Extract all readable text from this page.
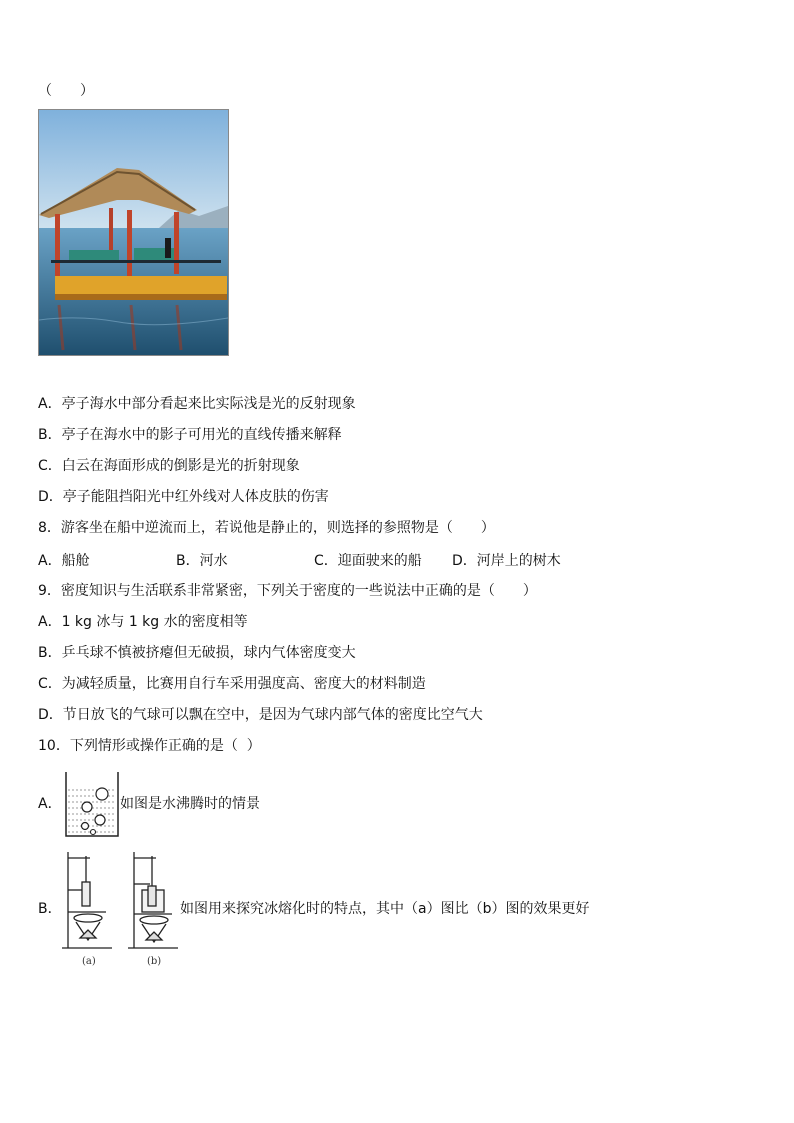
（　　）
A．亭子海水中部分看起来比实际浅是光的反射现象
B．亭子在海水中的影子可用光的直线传播来解释
C．白云在海面形成的倒影是光的折射现象
D．亭子能阻挡阳光中红外线对人体皮肤的伤害
8．游客坐在船中逆流而上，若说他是静止的，则选择的参照物是（　　）
A．船舱	B．河水	C．迎面驶来的船 D．河岸上的树木
9．密度知识与生活联系非常紧密，下列关于密度的一些说法中正确的是（　　）
A．1 kg 冰与 1 kg 水的密度相等
B．乒乓球不慎被挤瘪但无破损，球内气体密度变大
C．为减轻质量，比赛用自行车采用强度高、密度大的材料制造
D．节日放飞的气球可以飘在空中，是因为气球内部气体的密度比空气大
10．下列情形或操作正确的是（  ）
A．	如图是水沸腾时的情景
B．
(a)	(b)
如图用来探究冰熔化时的特点，其中（a）图比（b）图的效果更好
